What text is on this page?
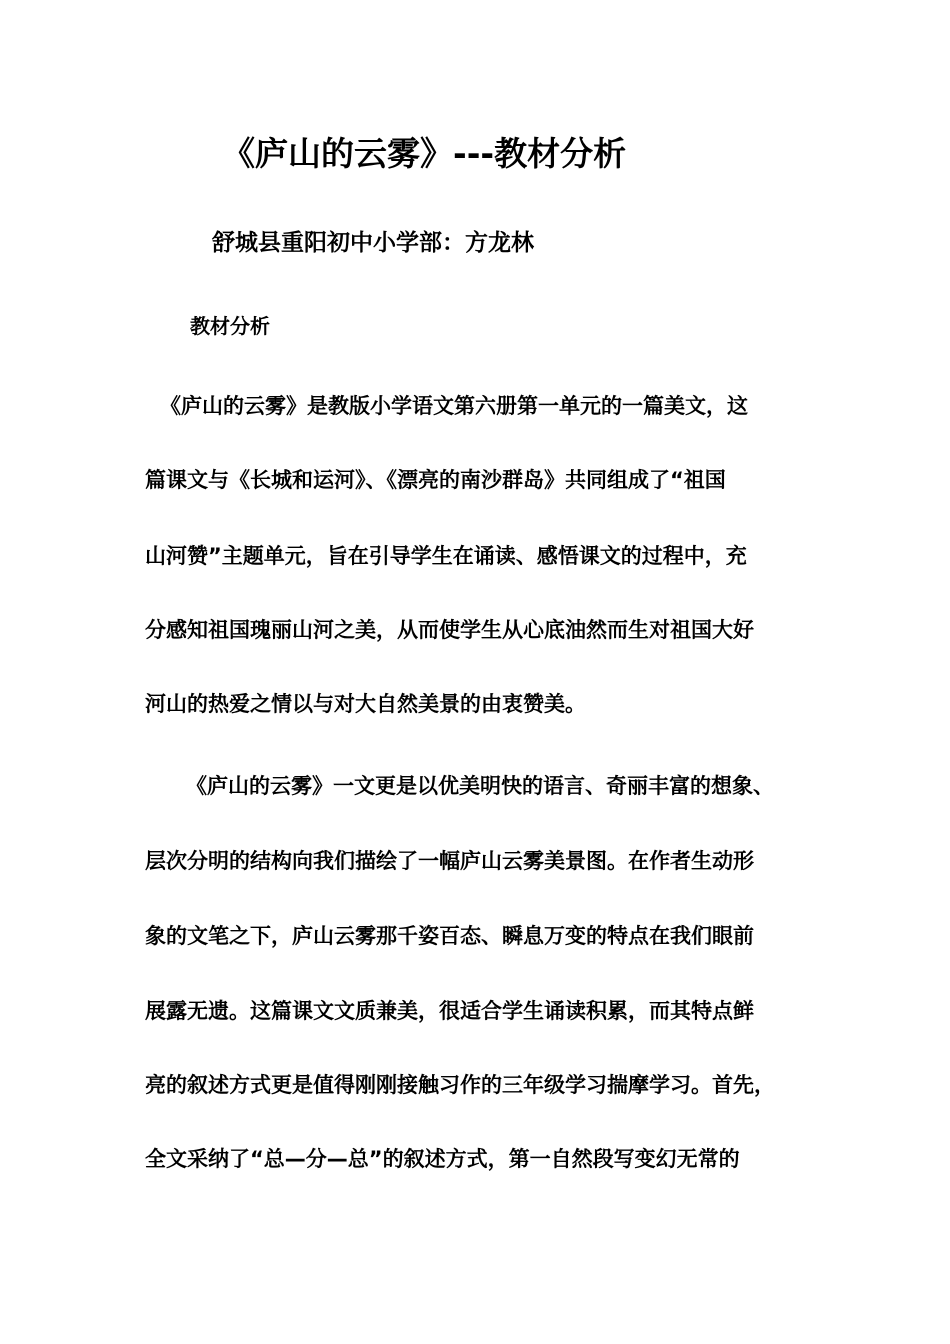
《庐山的云雾》---教材分析

舒城县重阳初中小学部：方龙林

教材分析

《庐山的云雾》是教版小学语文第六册第一单元的一篇美文，这

篇课文与《长城和运河》、《漂亮的南沙群岛》共同组成了“祖国

山河赞”主题单元，旨在引导学生在诵读、感悟课文的过程中，充

分感知祖国瑰丽山河之美，从而使学生从心底油然而生对祖国大好

河山的热爱之情以与对大自然美景的由衷赞美。

《庐山的云雾》一文更是以优美明快的语言、奇丽丰富的想象、

层次分明的结构向我们描绘了一幅庐山云雾美景图。在作者生动形

象的文笔之下，庐山云雾那千姿百态、瞬息万变的特点在我们眼前

展露无遗。这篇课文文质兼美，很适合学生诵读积累，而其特点鲜

亮的叙述方式更是值得刚刚接触习作的三年级学习揣摩学习。首先，

全文采纳了“总—分—总”的叙述方式，第一自然段写变幻无常的
